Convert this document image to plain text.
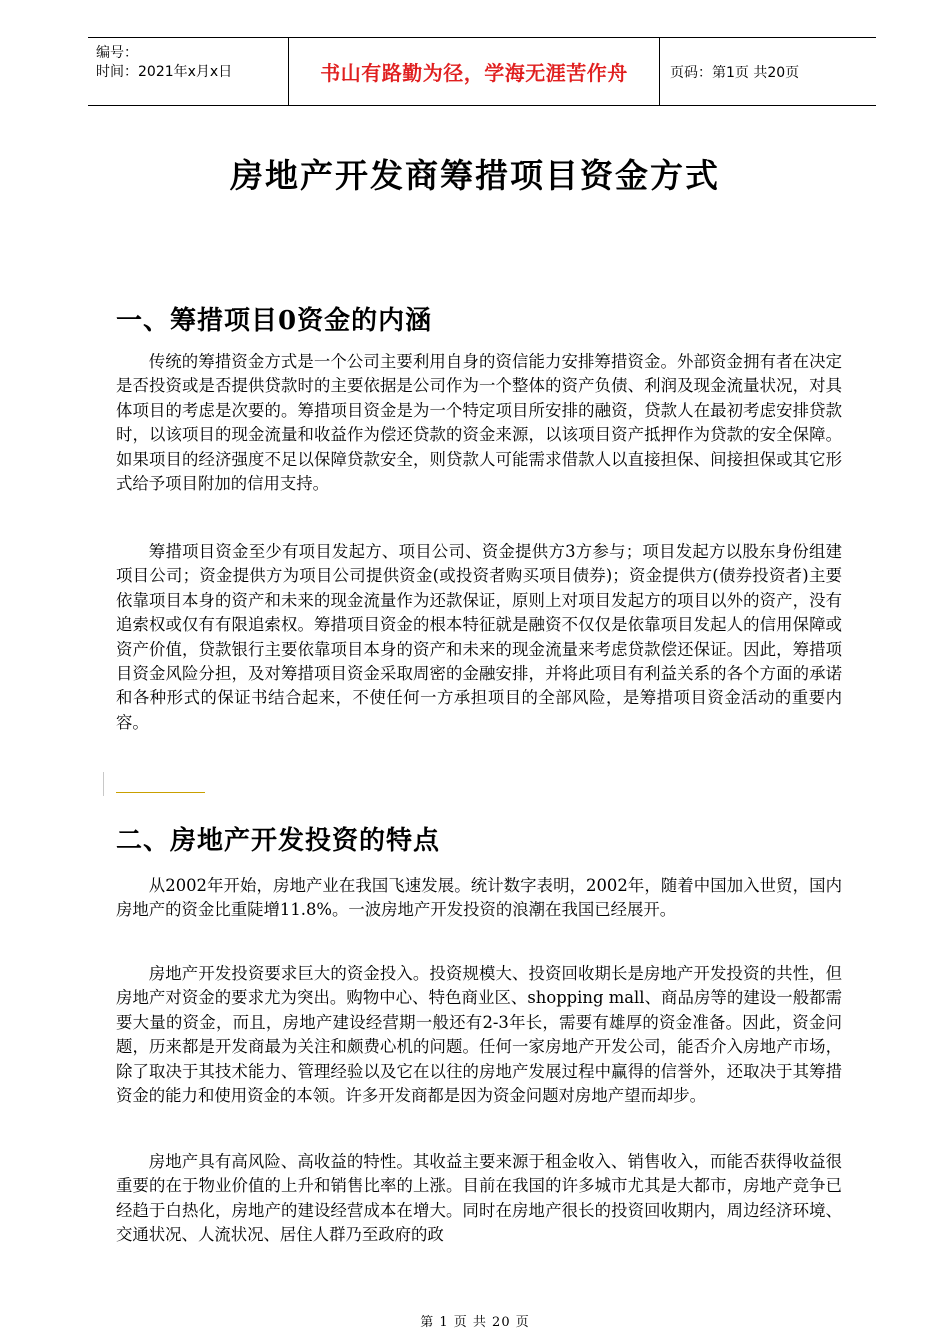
编号：
时间：2021年x月x日	书山有路勤为径，学海无涯苦作舟	页码：第1页 共20页
房地产开发商筹措项目资金方式
一、筹措项目0资金的内涵

传统的筹措资金方式是一个公司主要利用自身的资信能力安排筹措资金。外部资金拥有者在决定是否投资或是否提供贷款时的主要依据是公司作为一个整体的资产负债、利润及现金流量状况，对具体项目的考虑是次要的。筹措项目资金是为一个特定项目所安排的融资，贷款人在最初考虑安排贷款时，以该项目的现金流量和收益作为偿还贷款的资金来源，以该项目资产抵押作为贷款的安全保障。如果项目的经济强度不足以保障贷款安全，则贷款人可能需求借款人以直接担保、间接担保或其它形式给予项目附加的信用支持。

筹措项目资金至少有项目发起方、项目公司、资金提供方3方参与；项目发起方以股东身份组建项目公司；资金提供方为项目公司提供资金(或投资者购买项目债券)；资金提供方(债券投资者)主要依靠项目本身的资产和未来的现金流量作为还款保证，原则上对项目发起方的项目以外的资产，没有追索权或仅有有限追索权。筹措项目资金的根本特征就是融资不仅仅是依靠项目发起人的信用保障或资产价值，贷款银行主要依靠项目本身的资产和未来的现金流量来考虑贷款偿还保证。因此，筹措项目资金风险分担，及对筹措项目资金采取周密的金融安排，并将此项目有利益关系的各个方面的承诺和各种形式的保证书结合起来，不使任何一方承担项目的全部风险，是筹措项目资金活动的重要内容。

二、房地产开发投资的特点

从2002年开始，房地产业在我国飞速发展。统计数字表明，2002年，随着中国加入世贸，国内房地产的资金比重陡增11.8%。一波房地产开发投资的浪潮在我国已经展开。

房地产开发投资要求巨大的资金投入。投资规模大、投资回收期长是房地产开发投资的共性，但房地产对资金的要求尤为突出。购物中心、特色商业区、shopping mall、商品房等的建设一般都需要大量的资金，而且，房地产建设经营期一般还有2-3年长，需要有雄厚的资金准备。因此，资金问题，历来都是开发商最为关注和颇费心机的问题。任何一家房地产开发公司，能否介入房地产市场，除了取决于其技术能力、管理经验以及它在以往的房地产发展过程中赢得的信誉外，还取决于其筹措资金的能力和使用资金的本领。许多开发商都是因为资金问题对房地产望而却步。

房地产具有高风险、高收益的特性。其收益主要来源于租金收入、销售收入，而能否获得收益很重要的在于物业价值的上升和销售比率的上涨。目前在我国的许多城市尤其是大都市，房地产竞争已经趋于白热化，房地产的建设经营成本在增大。同时在房地产很长的投资回收期内，周边经济环境、交通状况、人流状况、居住人群乃至政府的政

第 1 页 共 20 页
